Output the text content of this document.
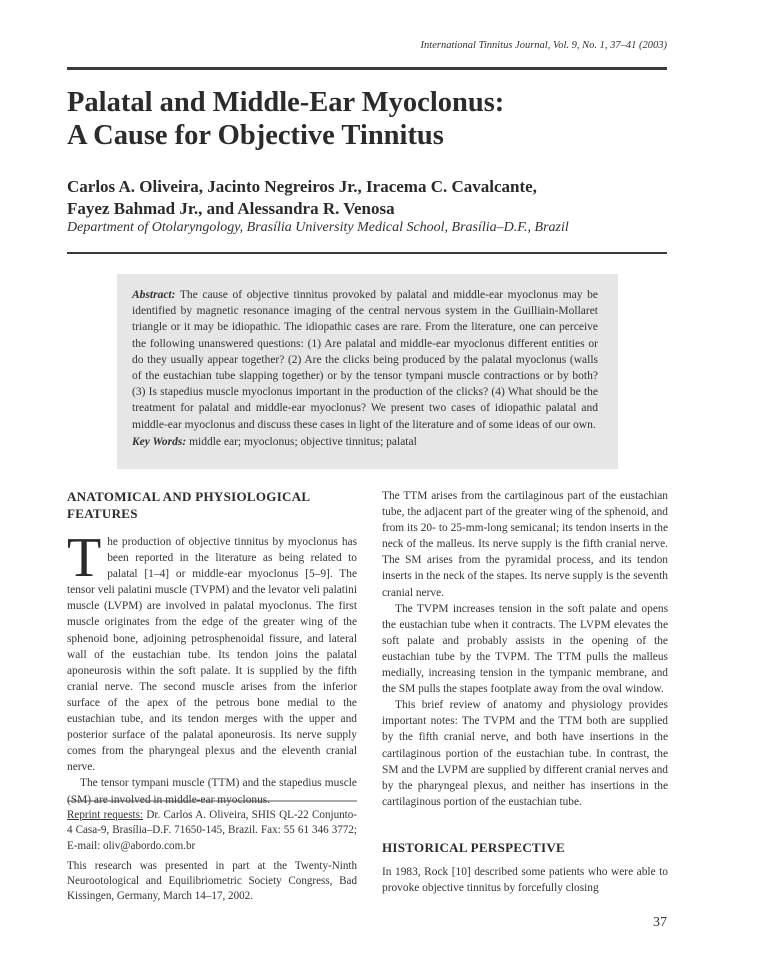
International Tinnitus Journal, Vol. 9, No. 1, 37–41 (2003)
Palatal and Middle-Ear Myoclonus:
A Cause for Objective Tinnitus
Carlos A. Oliveira, Jacinto Negreiros Jr., Iracema C. Cavalcante,
Fayez Bahmad Jr., and Alessandra R. Venosa
Department of Otolaryngology, Brasília University Medical School, Brasília–D.F., Brazil
Abstract: The cause of objective tinnitus provoked by palatal and middle-ear myoclonus may be identified by magnetic resonance imaging of the central nervous system in the Guilliain-Mollaret triangle or it may be idiopathic. The idiopathic cases are rare. From the literature, one can perceive the following unanswered questions: (1) Are palatal and middle-ear myoclonus different entities or do they usually appear together? (2) Are the clicks being produced by the palatal myoclonus (walls of the eustachian tube slapping together) or by the tensor tympani muscle contractions or by both? (3) Is stapedius muscle myoclonus important in the production of the clicks? (4) What should be the treatment for palatal and middle-ear myoclonus? We present two cases of idiopathic palatal and middle-ear myoclonus and discuss these cases in light of the literature and of some ideas of our own.
Key Words: middle ear; myoclonus; objective tinnitus; palatal
ANATOMICAL AND PHYSIOLOGICAL
FEATURES

The production of objective tinnitus by myoclonus has been reported in the literature as being related to palatal [1–4] or middle-ear myoclonus [5–9]. The tensor veli palatini muscle (TVPM) and the levator veli palatini muscle (LVPM) are involved in palatal myoclonus. The first muscle originates from the edge of the greater wing of the sphenoid bone, adjoining petrosphenoidal fissure, and lateral wall of the eustachian tube. Its tendon joins the palatal aponeurosis within the soft palate. It is supplied by the fifth cranial nerve. The second muscle arises from the inferior surface of the apex of the petrous bone medial to the eustachian tube, and its tendon merges with the upper and posterior surface of the palatal aponeurosis. Its nerve supply comes from the pharyngeal plexus and the eleventh cranial nerve.

The tensor tympani muscle (TTM) and the stapedius muscle (SM) are involved in middle-ear myoclonus.

Reprint requests: Dr. Carlos A. Oliveira, SHIS QL-22 Conjunto-4 Casa-9, Brasília–D.F. 71650-145, Brazil. Fax: 55 61 346 3772; E-mail: oliv@abordo.com.br

This research was presented in part at the Twenty-Ninth Neurootological and Equilibriometric Society Congress, Bad Kissingen, Germany, March 14–17, 2002.

The TTM arises from the cartilaginous part of the eustachian tube, the adjacent part of the greater wing of the sphenoid, and from its 20- to 25-mm-long semicanal; its tendon inserts in the neck of the malleus. Its nerve supply is the fifth cranial nerve. The SM arises from the pyramidal process, and its tendon inserts in the neck of the stapes. Its nerve supply is the seventh cranial nerve.

The TVPM increases tension in the soft palate and opens the eustachian tube when it contracts. The LVPM elevates the soft palate and probably assists in the opening of the eustachian tube by the TVPM. The TTM pulls the malleus medially, increasing tension in the tympanic membrane, and the SM pulls the stapes footplate away from the oval window.

This brief review of anatomy and physiology provides important notes: The TVPM and the TTM both are supplied by the fifth cranial nerve, and both have insertions in the cartilaginous portion of the eustachian tube. In contrast, the SM and the LVPM are supplied by different cranial nerves and by the pharyngeal plexus, and neither has insertions in the cartilaginous portion of the eustachian tube.

HISTORICAL PERSPECTIVE
In 1983, Rock [10] described some patients who were able to provoke objective tinnitus by forcefully closing
37
